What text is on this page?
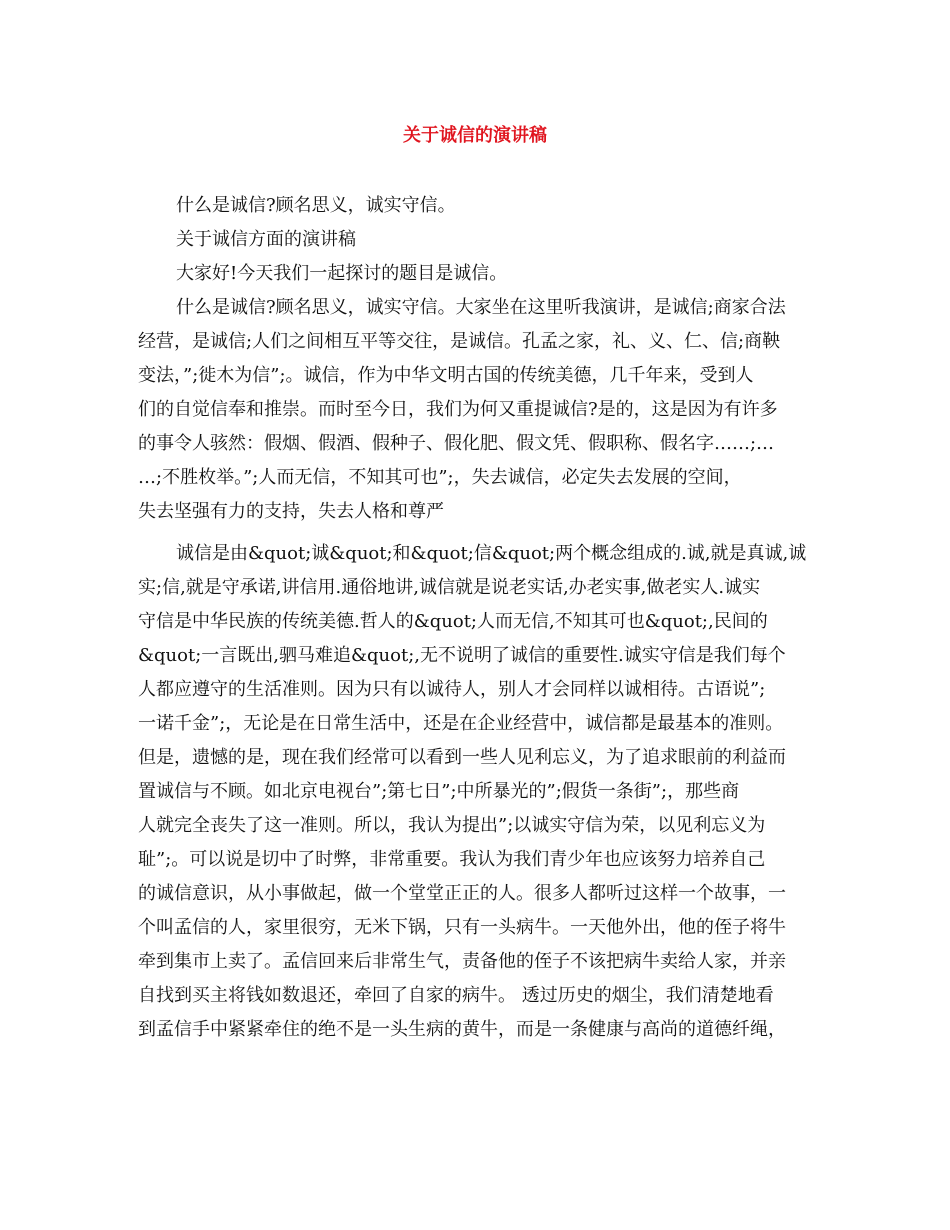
关于诚信的演讲稿
什么是诚信?顾名思义，诚实守信。
关于诚信方面的演讲稿
大家好!今天我们一起探讨的题目是诚信。
什么是诚信?顾名思义，诚实守信。大家坐在这里听我演讲，是诚信;商家合法
经营，是诚信;人们之间相互平等交往，是诚信。孔孟之家，礼、义、仁、信;商鞅
变法，”;徙木为信”;。诚信，作为中华文明古国的传统美德，几千年来，受到人
们的自觉信奉和推崇。而时至今日，我们为何又重提诚信?是的，这是因为有许多
的事令人骇然：假烟、假酒、假种子、假化肥、假文凭、假职称、假名字……;…
…;不胜枚举。”;人而无信，不知其可也”;，失去诚信，必定失去发展的空间，
失去坚强有力的支持，失去人格和尊严
诚信是由&quot;诚&quot;和&quot;信&quot;两个概念组成的.诚,就是真诚,诚
实;信,就是守承诺,讲信用.通俗地讲,诚信就是说老实话,办老实事,做老实人.诚实
守信是中华民族的传统美德.哲人的&quot;人而无信,不知其可也&quot;,民间的
&quot;一言既出,驷马难追&quot;,无不说明了诚信的重要性.诚实守信是我们每个
人都应遵守的生活准则。因为只有以诚待人，别人才会同样以诚相待。古语说”;
一诺千金”;，无论是在日常生活中，还是在企业经营中，诚信都是最基本的准则。
但是，遗憾的是，现在我们经常可以看到一些人见利忘义，为了追求眼前的利益而
置诚信与不顾。如北京电视台”;第七日”;中所暴光的”;假货一条街”;，那些商
人就完全丧失了这一准则。所以，我认为提出”;以诚实守信为荣，以见利忘义为
耻”;。可以说是切中了时弊，非常重要。我认为我们青少年也应该努力培养自己
的诚信意识，从小事做起，做一个堂堂正正的人。很多人都听过这样一个故事，一
个叫孟信的人，家里很穷，无米下锅，只有一头病牛。一天他外出，他的侄子将牛
牵到集市上卖了。孟信回来后非常生气，责备他的侄子不该把病牛卖给人家，并亲
自找到买主将钱如数退还，牵回了自家的病牛。 透过历史的烟尘，我们清楚地看
到孟信手中紧紧牵住的绝不是一头生病的黄牛，而是一条健康与高尚的道德纤绳，
